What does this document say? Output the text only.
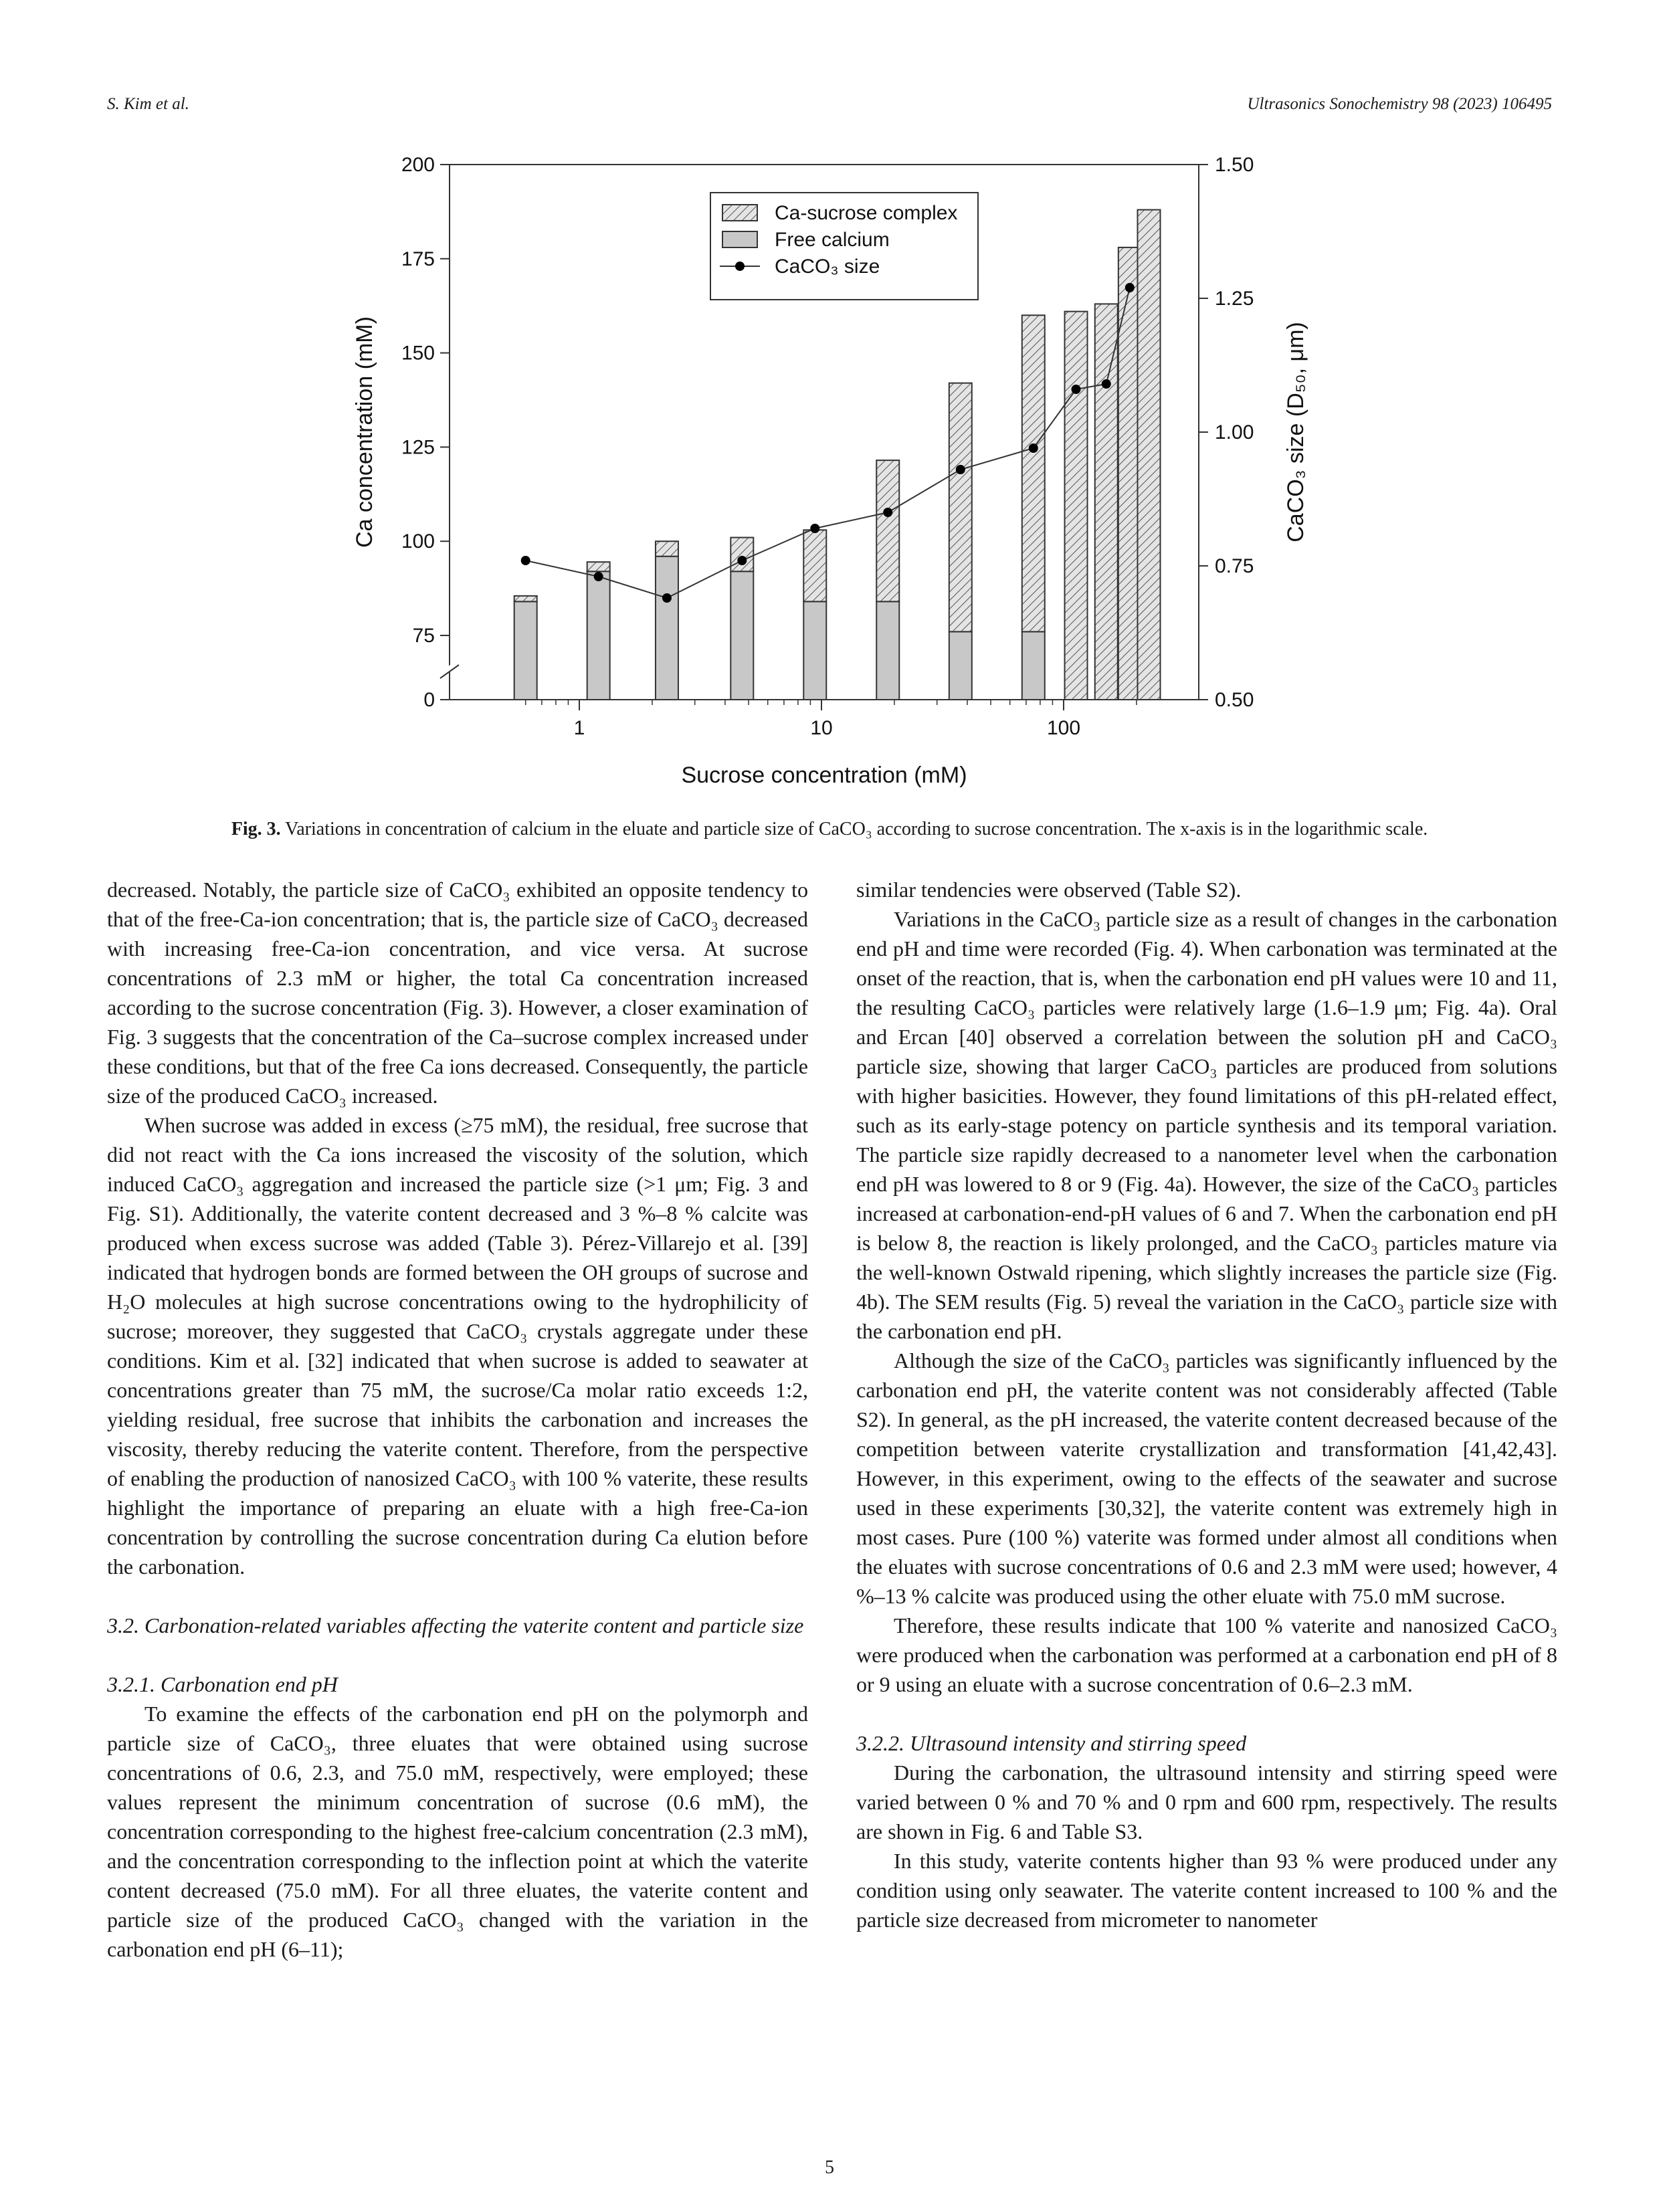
S. Kim et al.	Ultrasonics Sonochemistry 98 (2023) 106495
0
75
100
125
150
175
200
0.50
0.75
1.00
1.25
1.50
1	10	100
Sucrose concentration (mM)
Ca concentration (mM)	CaCO₃ size (D₅₀, μm)
Ca-sucrose complex
Free calcium
CaCO₃ size
Fig. 3. Variations in concentration of calcium in the eluate and particle size of CaCO₃ according to sucrose concentration. The x-axis is in the logarithmic scale.

decreased. Notably, the particle size of CaCO₃ exhibited an opposite tendency to that of the free-Ca-ion concentration; that is, the particle size of CaCO₃ decreased with increasing free-Ca-ion concentration, and vice versa. At sucrose concentrations of 2.3 mM or higher, the total Ca concentration increased according to the sucrose concentration (Fig. 3). However, a closer examination of Fig. 3 suggests that the concentration of the Ca–sucrose complex increased under these conditions, but that of the free Ca ions decreased. Consequently, the particle size of the produced CaCO₃ increased.

When sucrose was added in excess (≥75 mM), the residual, free sucrose that did not react with the Ca ions increased the viscosity of the solution, which induced CaCO₃ aggregation and increased the particle size (>1 μm; Fig. 3 and Fig. S1). Additionally, the vaterite content decreased and 3 %–8 % calcite was produced when excess sucrose was added (Table 3). Pérez-Villarejo et al. [39] indicated that hydrogen bonds are formed between the OH groups of sucrose and H₂O molecules at high sucrose concentrations owing to the hydrophilicity of sucrose; moreover, they suggested that CaCO₃ crystals aggregate under these conditions. Kim et al. [32] indicated that when sucrose is added to seawater at concentrations greater than 75 mM, the sucrose/Ca molar ratio exceeds 1:2, yielding residual, free sucrose that inhibits the carbonation and increases the viscosity, thereby reducing the vaterite content. Therefore, from the perspective of enabling the production of nanosized CaCO₃ with 100 % vaterite, these results highlight the importance of preparing an eluate with a high free-Ca-ion concentration by controlling the sucrose concentration during Ca elution before the carbonation.

3.2. Carbonation-related variables affecting the vaterite content and particle size
3.2.1. Carbonation end pH

To examine the effects of the carbonation end pH on the polymorph and particle size of CaCO₃, three eluates that were obtained using sucrose concentrations of 0.6, 2.3, and 75.0 mM, respectively, were employed; these values represent the minimum concentration of sucrose (0.6 mM), the concentration corresponding to the highest free-calcium concentration (2.3 mM), and the concentration corresponding to the inflection point at which the vaterite content decreased (75.0 mM). For all three eluates, the vaterite content and particle size of the produced CaCO₃ changed with the variation in the carbonation end pH (6–11);

similar tendencies were observed (Table S2).

Variations in the CaCO₃ particle size as a result of changes in the carbonation end pH and time were recorded (Fig. 4). When carbonation was terminated at the onset of the reaction, that is, when the carbonation end pH values were 10 and 11, the resulting CaCO₃ particles were relatively large (1.6–1.9 μm; Fig. 4a). Oral and Ercan [40] observed a correlation between the solution pH and CaCO₃ particle size, showing that larger CaCO₃ particles are produced from solutions with higher basicities. However, they found limitations of this pH-related effect, such as its early-stage potency on particle synthesis and its temporal variation. The particle size rapidly decreased to a nanometer level when the carbonation end pH was lowered to 8 or 9 (Fig. 4a). However, the size of the CaCO₃ particles increased at carbonation-end-pH values of 6 and 7. When the carbonation end pH is below 8, the reaction is likely prolonged, and the CaCO₃ particles mature via the well-known Ostwald ripening, which slightly increases the particle size (Fig. 4b). The SEM results (Fig. 5) reveal the variation in the CaCO₃ particle size with the carbonation end pH.

Although the size of the CaCO₃ particles was significantly influenced by the carbonation end pH, the vaterite content was not considerably affected (Table S2). In general, as the pH increased, the vaterite content decreased because of the competition between vaterite crystallization and transformation [41,42,43]. However, in this experiment, owing to the effects of the seawater and sucrose used in these experiments [30,32], the vaterite content was extremely high in most cases. Pure (100 %) vaterite was formed under almost all conditions when the eluates with sucrose concentrations of 0.6 and 2.3 mM were used; however, 4 %–13 % calcite was produced using the other eluate with 75.0 mM sucrose.

Therefore, these results indicate that 100 % vaterite and nanosized CaCO₃ were produced when the carbonation was performed at a carbonation end pH of 8 or 9 using an eluate with a sucrose concentration of 0.6–2.3 mM.

3.2.2. Ultrasound intensity and stirring speed

During the carbonation, the ultrasound intensity and stirring speed were varied between 0 % and 70 % and 0 rpm and 600 rpm, respectively. The results are shown in Fig. 6 and Table S3.

In this study, vaterite contents higher than 93 % were produced under any condition using only seawater. The vaterite content increased to 100 % and the particle size decreased from micrometer to nanometer

5
